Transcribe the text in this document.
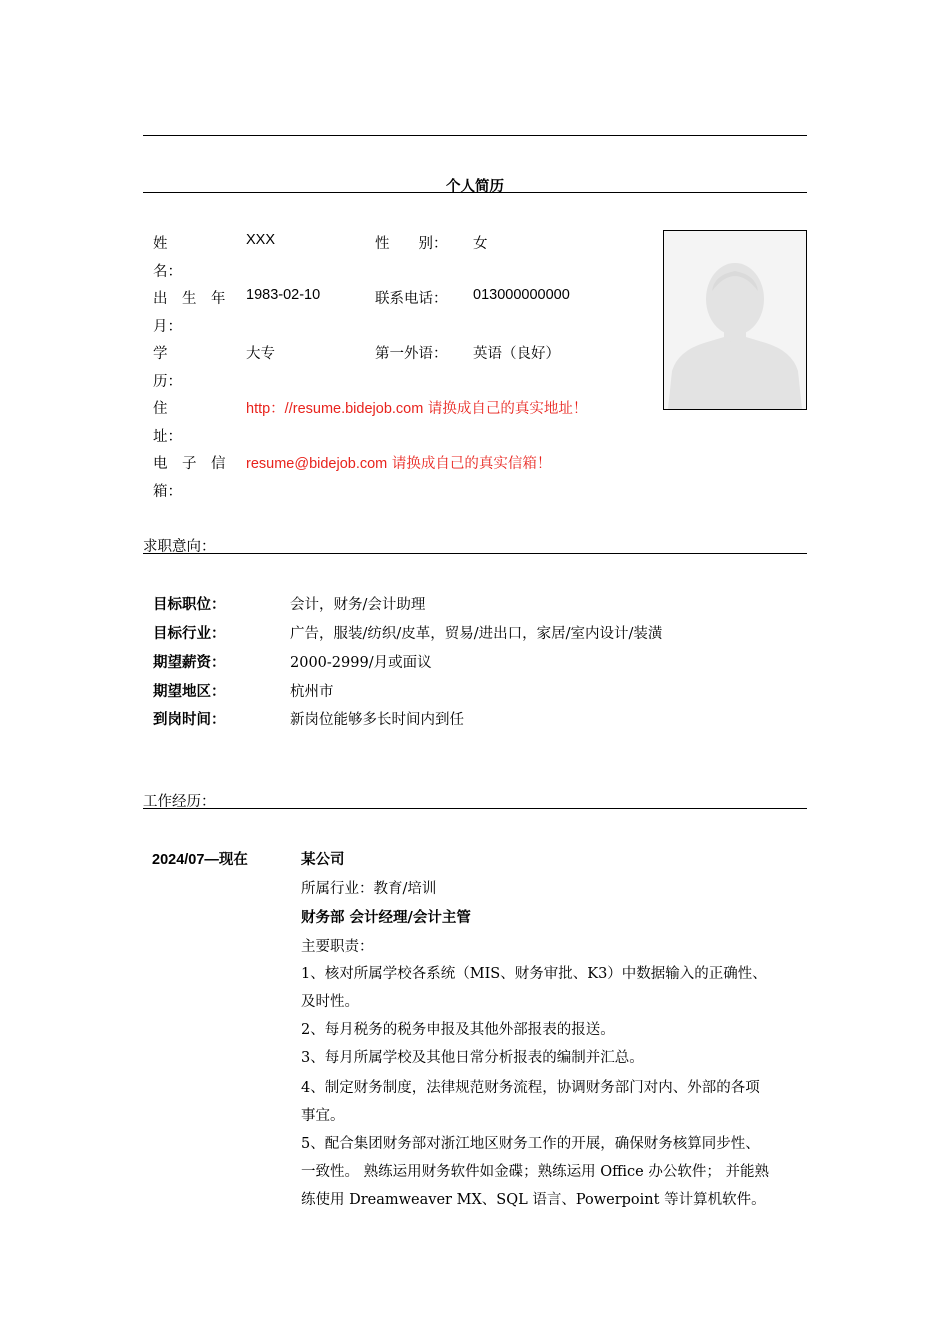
个人简历
姓
名：
XXX	性　　别： 女
出　生　年
月：
1983-02-10	联系电话： 013000000000
学
历：
大专	第一外语： 英语（良好）
住
址：
http：//resume.bidejob.com 请换成自己的真实地址！
电　子　信
箱：
resume@bidejob.com 请换成自己的真实信箱！
求职意向：
目标职位：	会计，财务/会计助理
目标行业：	广告，服装/纺织/皮革，贸易/进出口，家居/室内设计/装潢
期望薪资：	2000-2999/月或面议
期望地区：	杭州市
到岗时间：	新岗位能够多长时间内到任
工作经历：
2024/07—现在	某公司
所属行业：教育/培训
财务部 会计经理/会计主管
主要职责：
1、核对所属学校各系统（MIS、财务审批、K3）中数据输入的正确性、
及时性。
2、每月税务的税务申报及其他外部报表的报送。
3、每月所属学校及其他日常分析报表的编制并汇总。
4、制定财务制度，法律规范财务流程，协调财务部门对内、外部的各项
事宜。
5、配合集团财务部对浙江地区财务工作的开展，确保财务核算同步性、
一致性。 熟练运用财务软件如金碟；熟练运用 Office 办公软件； 并能熟
练使用 Dreamweaver MX、SQL 语言、Powerpoint 等计算机软件。
